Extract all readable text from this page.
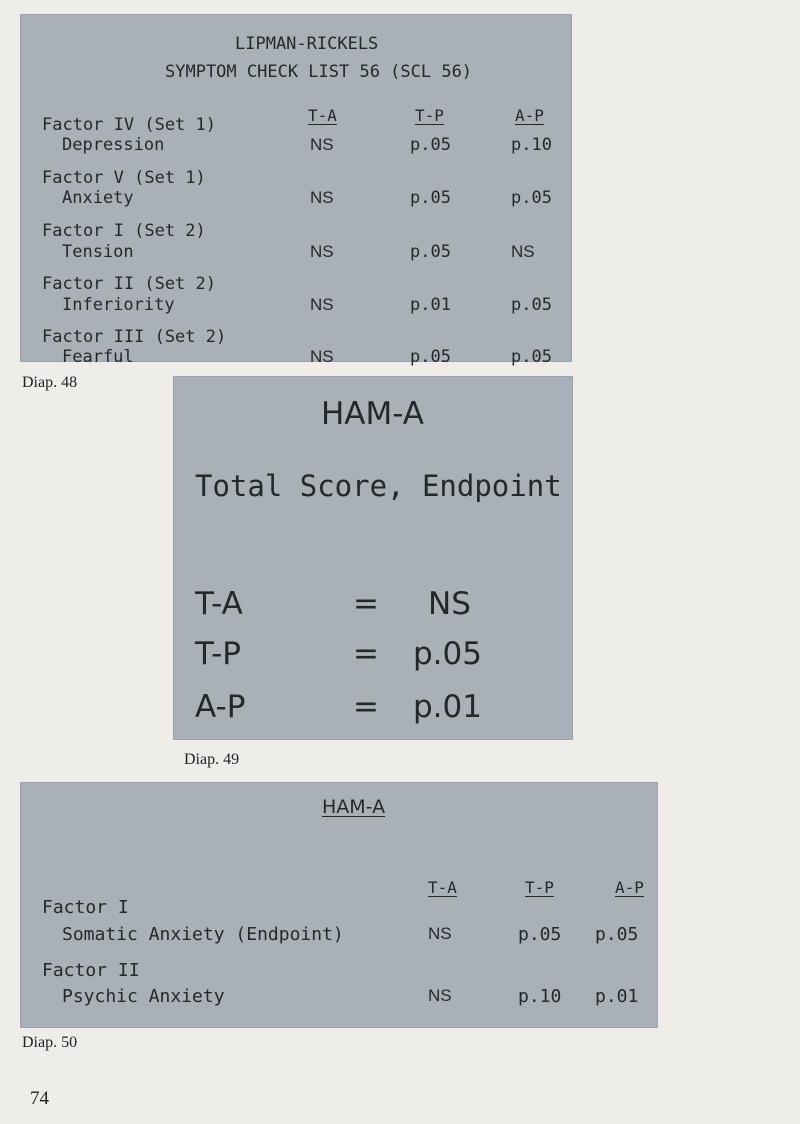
LIPMAN-RICKELS
SYMPTOM CHECK LIST 56 (SCL 56)
T-A	T-P	A-P
Factor IV (Set 1)
Depression	NS	p.05	p.10
Factor V (Set 1)
Anxiety	NS	p.05	p.05
Factor I (Set 2)
Tension	NS	p.05	NS
Factor II (Set 2)
Inferiority	NS	p.01	p.05
Factor III (Set 2)
Fearful	NS	p.05	p.05
Diap. 48
HAM-A
Total Score, Endpoint
T-A	= NS
T-P	= p.05
A-P	= p.01
Diap. 49
HAM-A
T-A	T-P	A-P
Factor I
Somatic Anxiety (Endpoint)	NS	p.05 p.05
Factor II
Psychic Anxiety	NS	p.10 p.01
Diap. 50
74
